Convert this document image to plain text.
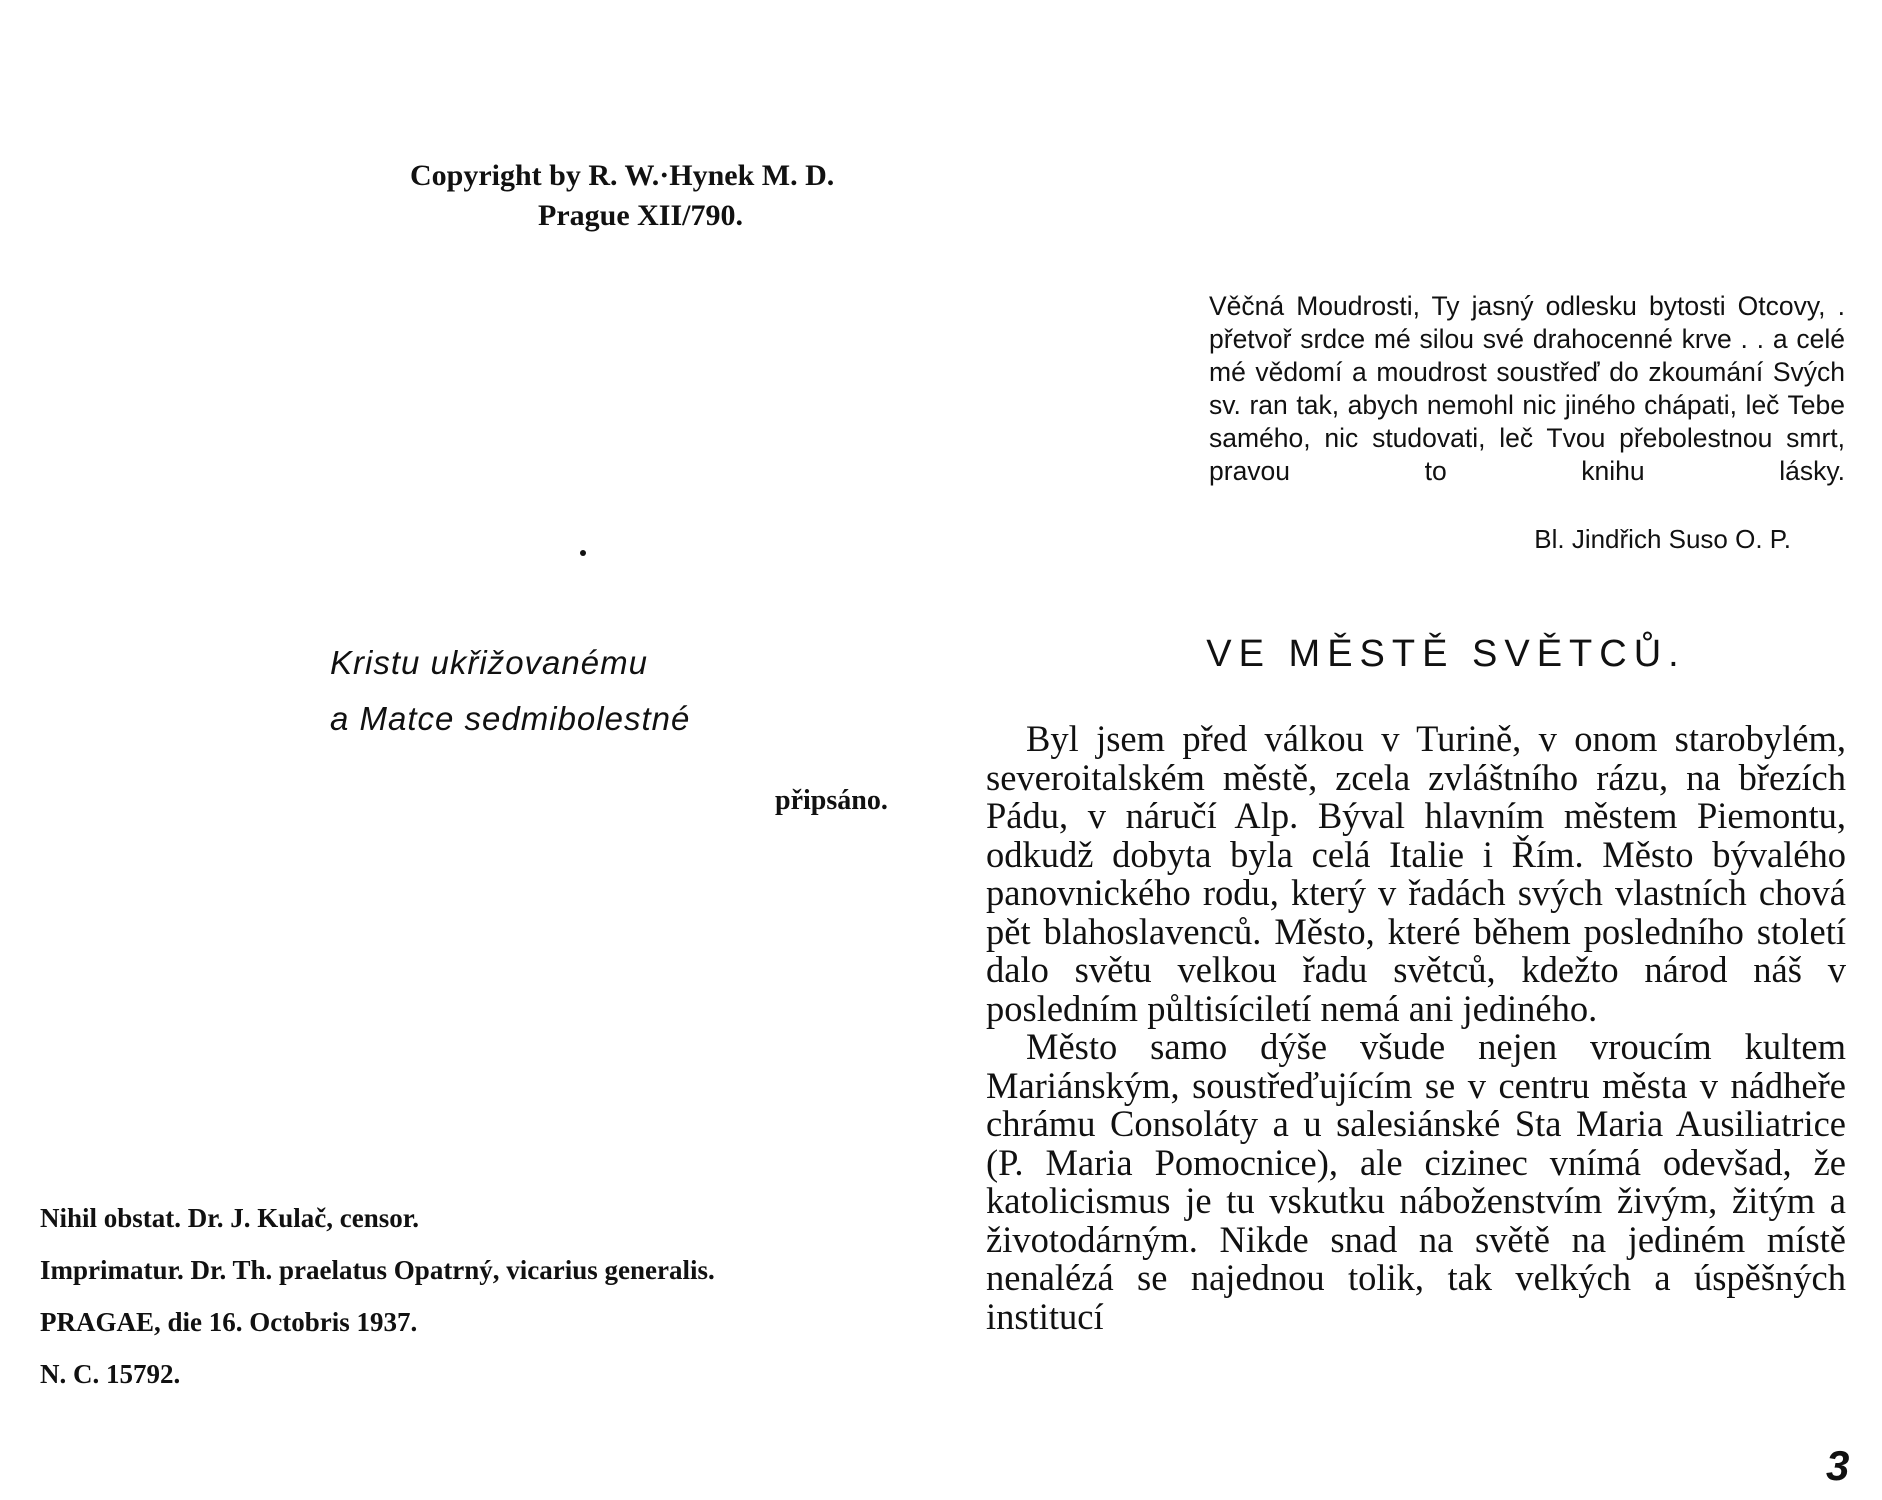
Copyright by R. W.·Hynek M. D.
Prague XII/790.
Kristu ukřižovanému
a Matce sedmibolestné
připsáno.
Nihil obstat. Dr. J. Kulač, censor.
Imprimatur. Dr. Th. praelatus Opatrný, vicarius generalis.
PRAGAE, die 16. Octobris 1937.
N. C. 15792.
Věčná Moudrosti, Ty jasný odlesku bytosti Otcovy, . přetvoř srdce mé silou své drahocenné krve . . a celé mé vědomí a moudrost soustřeď do zkoumání Svých sv. ran tak, abych nemohl nic jiného chápati, leč Tebe samého, nic studovati, leč Tvou přebolestnou smrt, pravou to knihu lásky.
Bl. Jindřich Suso O. P.
VE MĚSTĚ SVĚTCŮ.

Byl jsem před válkou v Turině, v onom starobylém, severoitalském městě, zcela zvláštního rázu, na březích Pádu, v náručí Alp. Býval hlavním městem Piemontu, odkudž dobyta byla celá Italie i Řím. Město bývalého panovnického rodu, který v řadách svých vlastních chová pět blahoslavenců. Město, které během posledního století dalo světu velkou řadu světců, kdežto národ náš v posledním půltisíciletí nemá ani jediného.

Město samo dýše všude nejen vroucím kultem Mariánským, soustřeďujícím se v centru města v nádheře chrámu Consoláty a u salesiánské Sta Maria Ausiliatrice (P. Maria Pomocnice), ale cizinec vnímá odevšad, že katolicismus je tu vskutku náboženstvím živým, žitým a životodárným. Nikde snad na světě na jediném místě nenalézá se najednou tolik, tak velkých a úspěšných institucí

3
